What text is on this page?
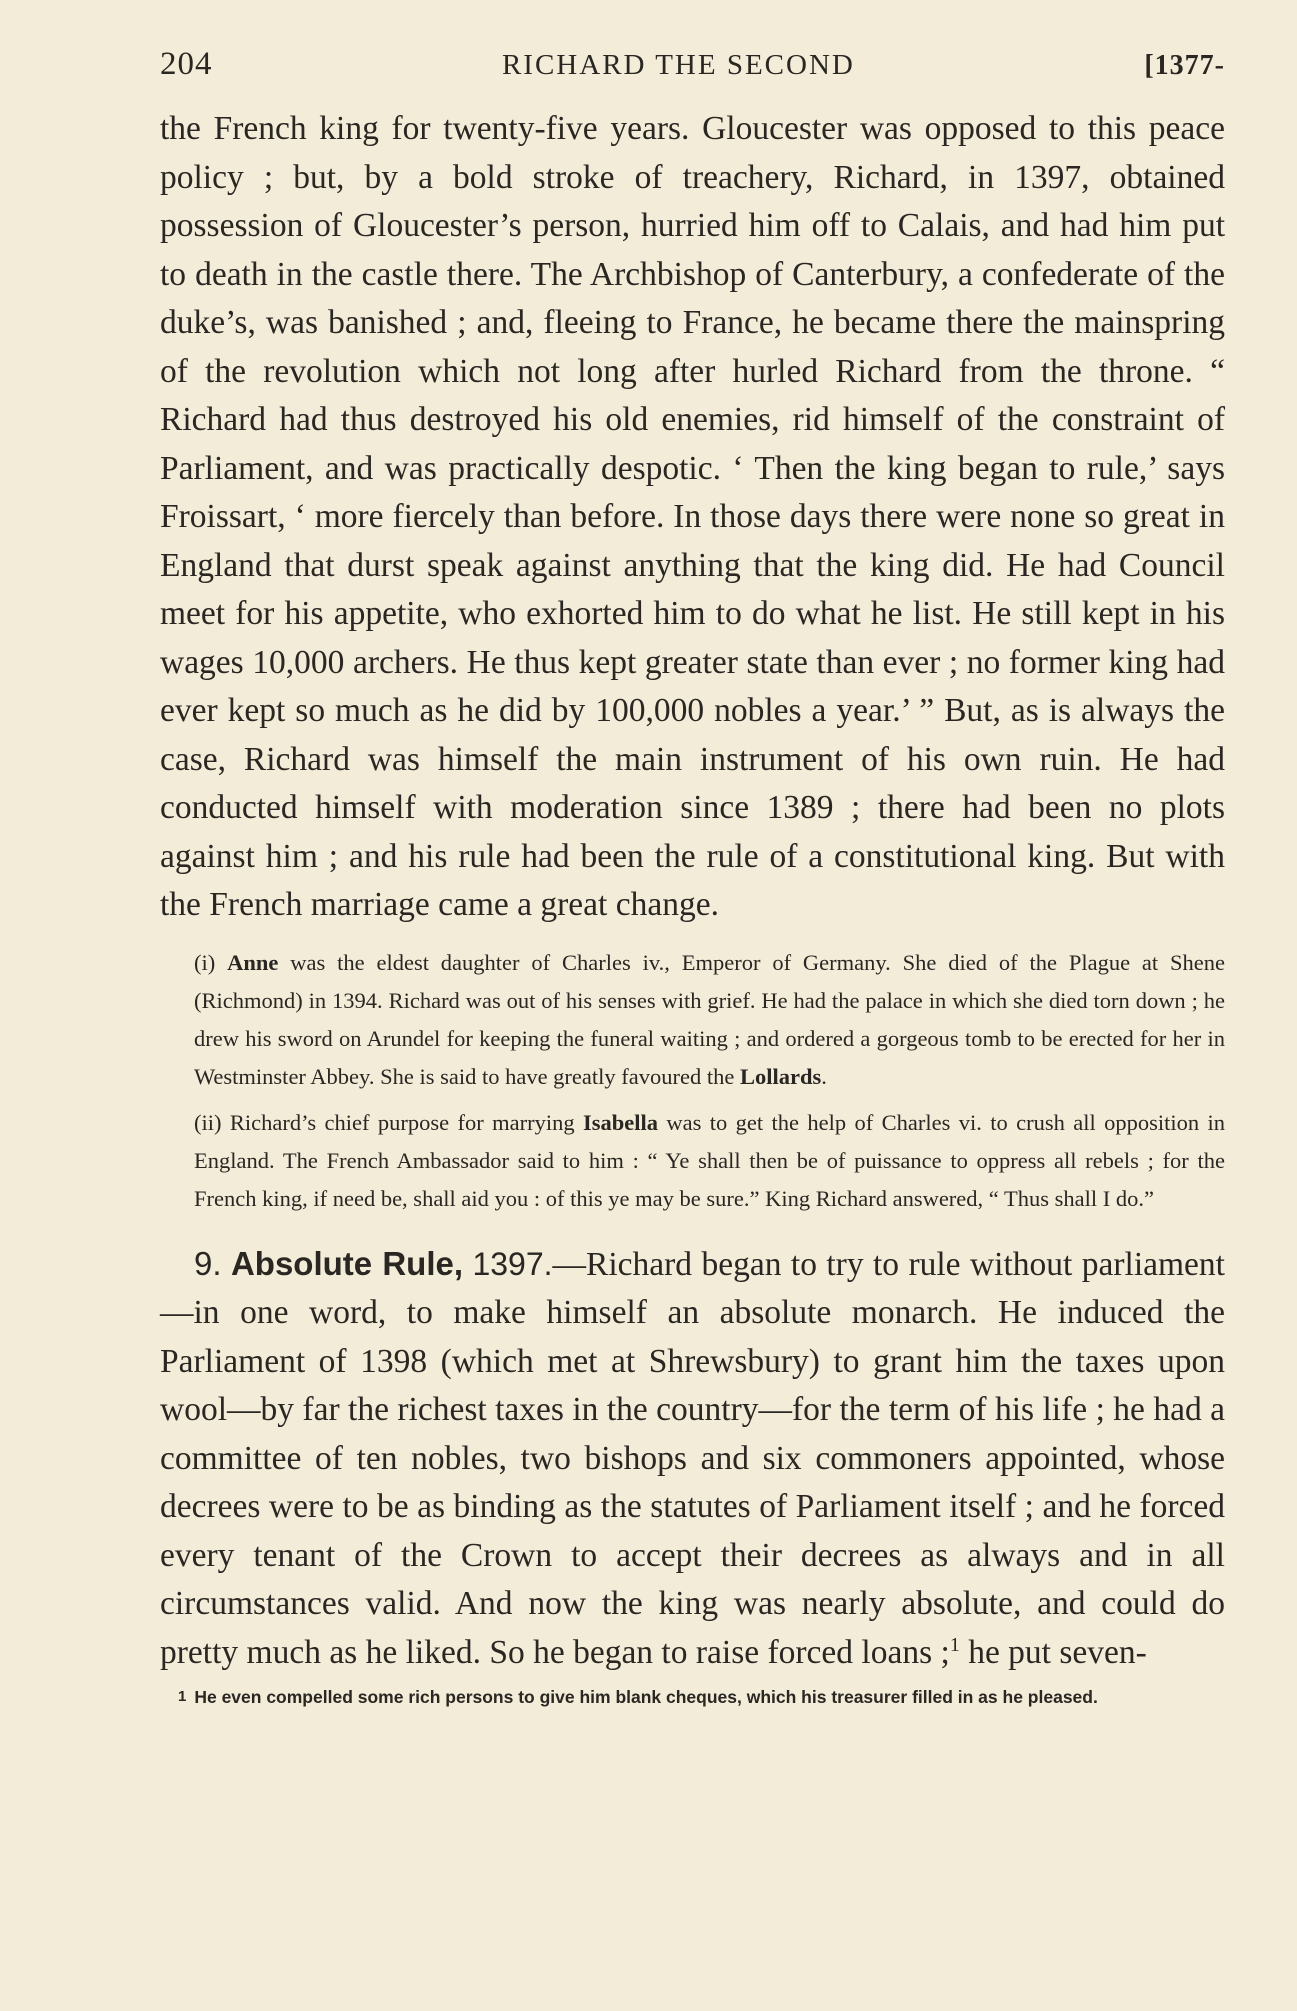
204	RICHARD THE SECOND	[1377-

the French king for twenty-five years. Gloucester was opposed to this peace policy ; but, by a bold stroke of treachery, Richard, in 1397, obtained possession of Gloucester’s person, hurried him off to Calais, and had him put to death in the castle there. The Archbishop of Canterbury, a confederate of the duke’s, was banished ; and, fleeing to France, he became there the mainspring of the revolution which not long after hurled Richard from the throne. “ Richard had thus destroyed his old enemies, rid himself of the constraint of Parliament, and was practically despotic. ‘ Then the king began to rule,’ says Froissart, ‘ more fiercely than before. In those days there were none so great in England that durst speak against anything that the king did. He had Council meet for his appetite, who exhorted him to do what he list. He still kept in his wages 10,000 archers. He thus kept greater state than ever ; no former king had ever kept so much as he did by 100,000 nobles a year.’ ” But, as is always the case, Richard was himself the main instrument of his own ruin. He had conducted himself with moderation since 1389 ; there had been no plots against him ; and his rule had been the rule of a constitutional king. But with the French marriage came a great change.

(i) Anne was the eldest daughter of Charles iv., Emperor of Germany. She died of the Plague at Shene (Richmond) in 1394. Richard was out of his senses with grief. He had the palace in which she died torn down ; he drew his sword on Arundel for keeping the funeral waiting ; and ordered a gorgeous tomb to be erected for her in Westminster Abbey. She is said to have greatly favoured the Lollards.

(ii) Richard’s chief purpose for marrying Isabella was to get the help of Charles vi. to crush all opposition in England. The French Ambassador said to him : “ Ye shall then be of puissance to oppress all rebels ; for the French king, if need be, shall aid you : of this ye may be sure.” King Richard answered, “ Thus shall I do.”

9. Absolute Rule, 1397.—Richard began to try to rule without parliament—in one word, to make himself an absolute monarch. He induced the Parliament of 1398 (which met at Shrewsbury) to grant him the taxes upon wool—by far the richest taxes in the country—for the term of his life ; he had a committee of ten nobles, two bishops and six commoners appointed, whose decrees were to be as binding as the statutes of Parliament itself ; and he forced every tenant of the Crown to accept their decrees as always and in all circumstances valid. And now the king was nearly absolute, and could do pretty much as he liked. So he began to raise forced loans ;$^1$ he put seven-

1 He even compelled some rich persons to give him blank cheques, which his treasurer filled in as he pleased.
